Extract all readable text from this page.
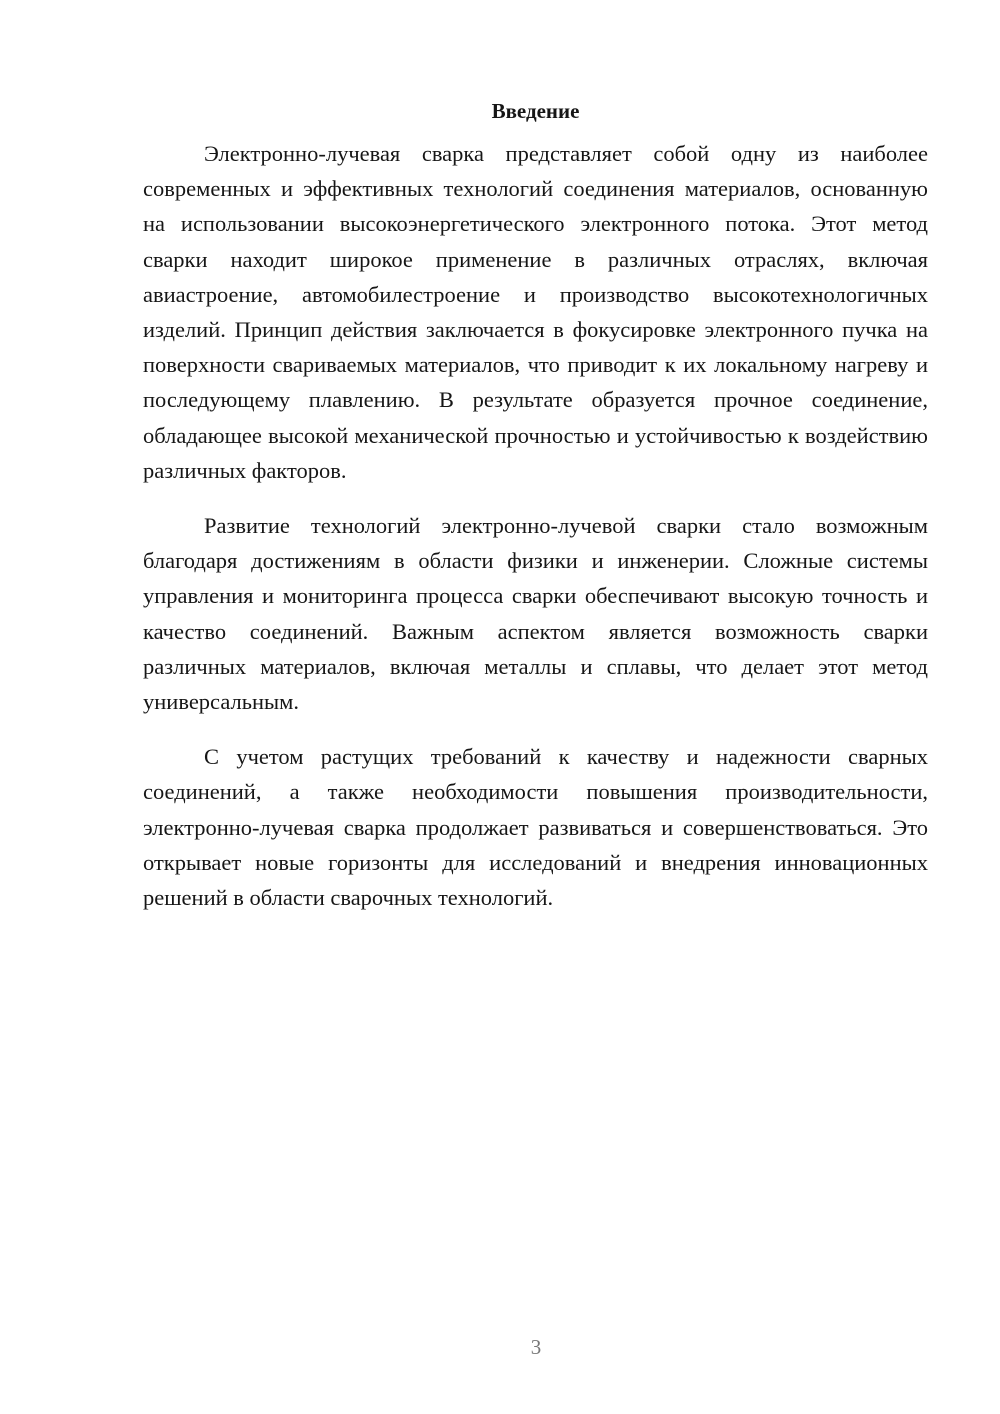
Введение

Электронно-лучевая сварка представляет собой одну из наиболее современных и эффективных технологий соединения материалов, основанную на использовании высокоэнергетического электронного потока. Этот метод сварки находит широкое применение в различных отраслях, включая авиастроение, автомобилестроение и производство высокотехнологичных изделий. Принцип действия заключается в фокусировке электронного пучка на поверхности свариваемых материалов, что приводит к их локальному нагреву и последующему плавлению. В результате образуется прочное соединение, обладающее высокой механической прочностью и устойчивостью к воздействию различных факторов.

Развитие технологий электронно-лучевой сварки стало возможным благодаря достижениям в области физики и инженерии. Сложные системы управления и мониторинга процесса сварки обеспечивают высокую точность и качество соединений. Важным аспектом является возможность сварки различных материалов, включая металлы и сплавы, что делает этот метод универсальным.

С учетом растущих требований к качеству и надежности сварных соединений, а также необходимости повышения производительности, электронно-лучевая сварка продолжает развиваться и совершенствоваться. Это открывает новые горизонты для исследований и внедрения инновационных решений в области сварочных технологий.

3
